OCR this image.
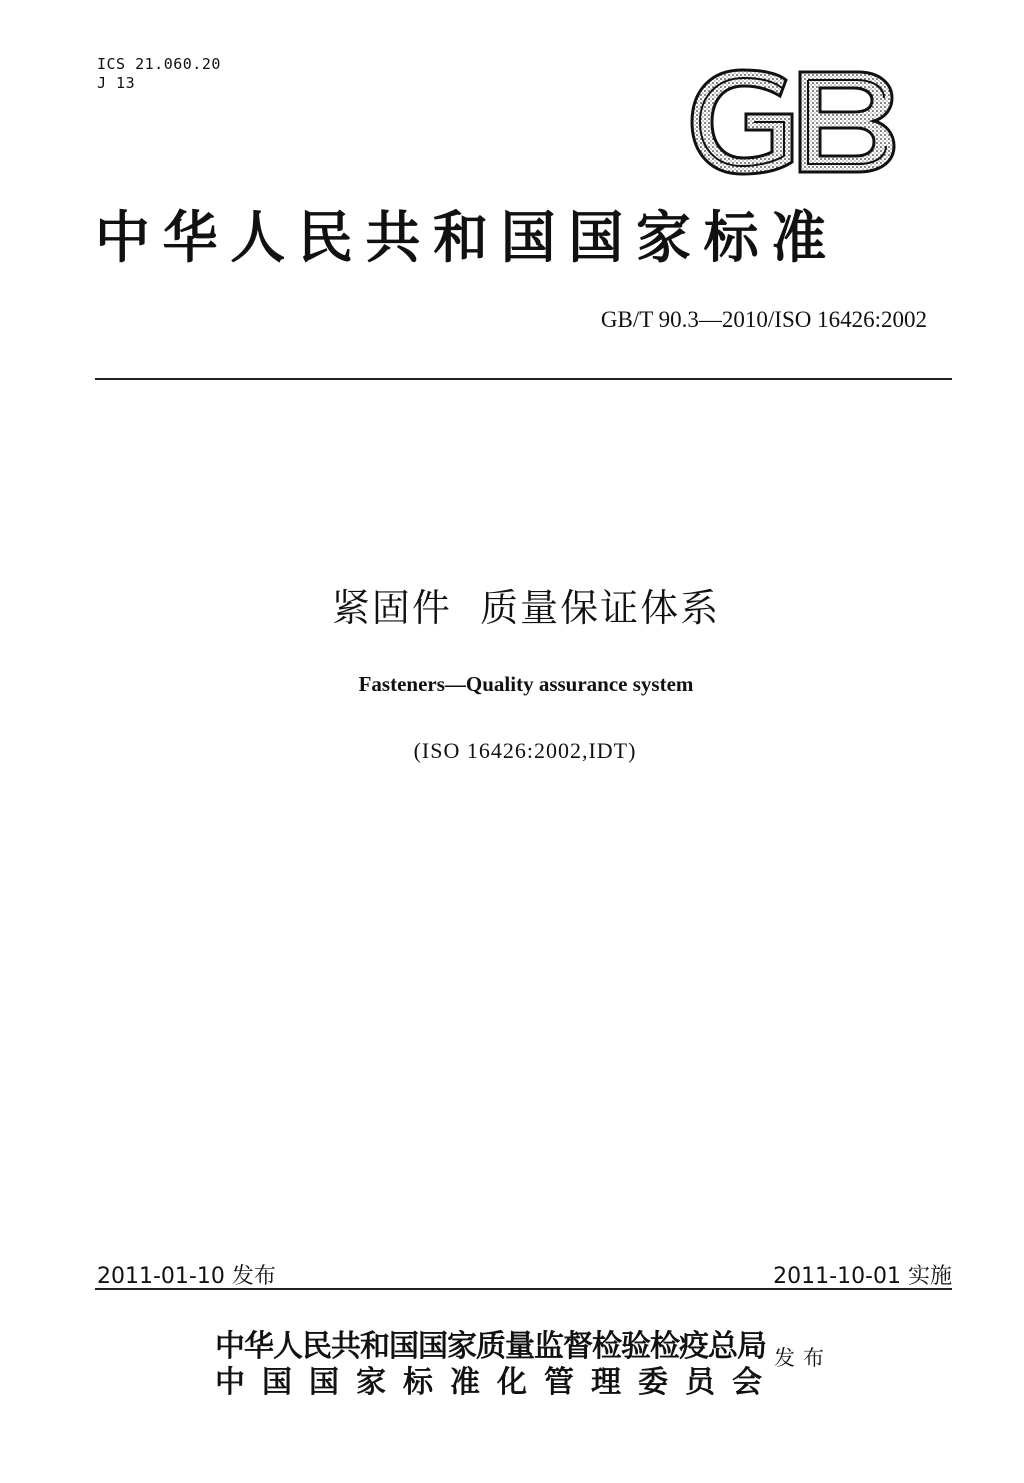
ICS 21.060.20
J 13
中华人民共和国国家标准
GB/T 90.3—2010/ISO 16426:2002
紧固件  质量保证体系
Fasteners—Quality assurance system
(ISO 16426:2002,IDT)
2011-01-10 发布	2011-10-01 实施
中华人民共和国国家质量监督检验检疫总局
中国国家标准化管理委员会
发布
